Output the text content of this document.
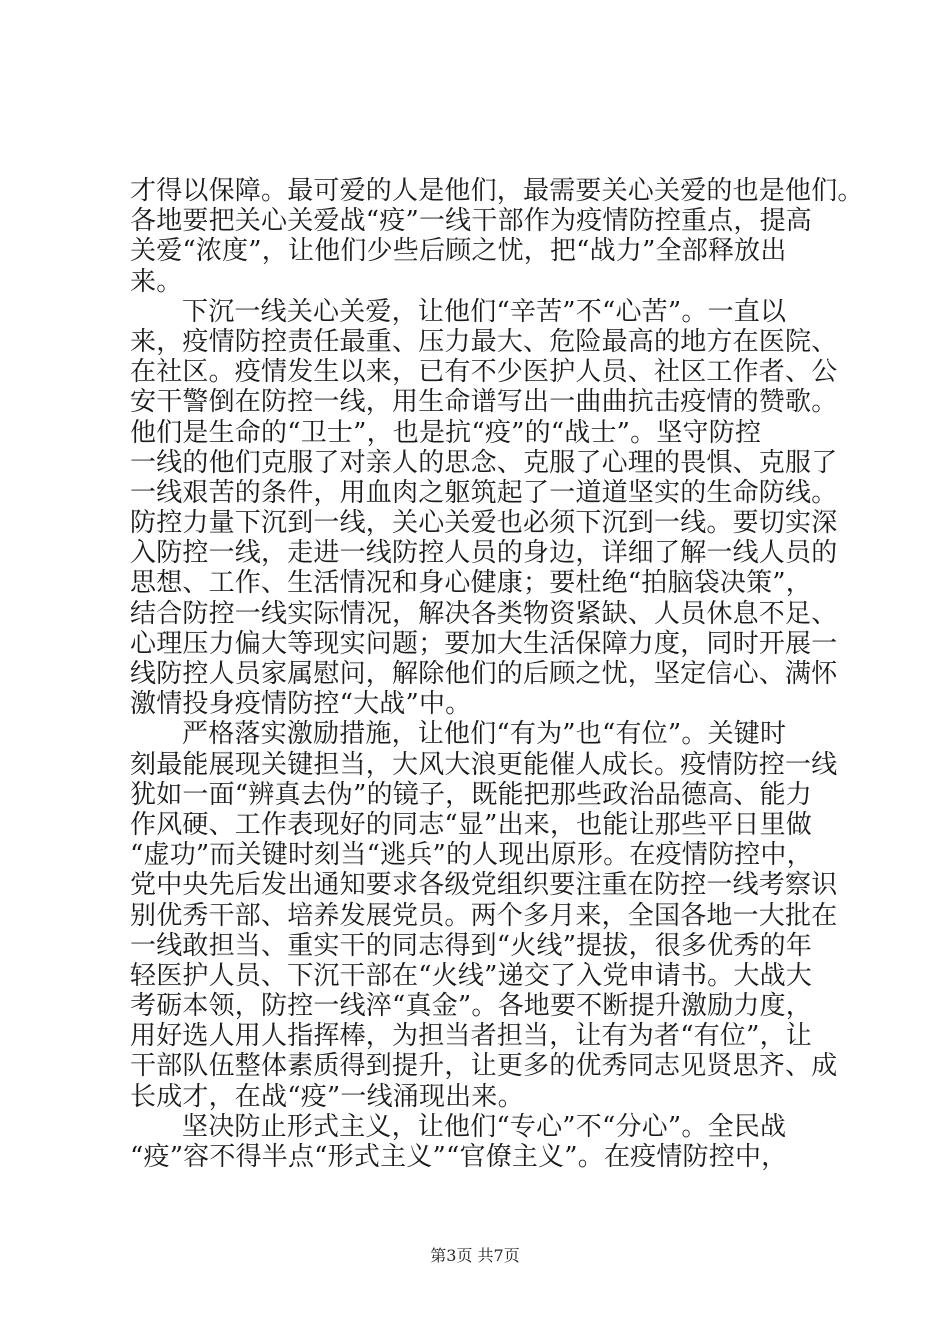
才得以保障。最可爱的人是他们，最需要关心关爱的也是他们。
各地要把关心关爱战“疫”一线干部作为疫情防控重点，提高
关爱“浓度”，让他们少些后顾之忧，把“战力”全部释放出
来。
下沉一线关心关爱，让他们“辛苦”不“心苦”。一直以
来，疫情防控责任最重、压力最大、危险最高的地方在医院、
在社区。疫情发生以来，已有不少医护人员、社区工作者、公
安干警倒在防控一线，用生命谱写出一曲曲抗击疫情的赞歌。
他们是生命的“卫士”，也是抗“疫”的“战士”。坚守防控
一线的他们克服了对亲人的思念、克服了心理的畏惧、克服了
一线艰苦的条件，用血肉之躯筑起了一道道坚实的生命防线。
防控力量下沉到一线，关心关爱也必须下沉到一线。要切实深
入防控一线，走进一线防控人员的身边，详细了解一线人员的
思想、工作、生活情况和身心健康；要杜绝“拍脑袋决策”，
结合防控一线实际情况，解决各类物资紧缺、人员休息不足、
心理压力偏大等现实问题；要加大生活保障力度，同时开展一
线防控人员家属慰问，解除他们的后顾之忧，坚定信心、满怀
激情投身疫情防控“大战”中。
严格落实激励措施，让他们“有为”也“有位”。关键时
刻最能展现关键担当，大风大浪更能催人成长。疫情防控一线
犹如一面“辨真去伪”的镜子，既能把那些政治品德高、能力
作风硬、工作表现好的同志“显”出来，也能让那些平日里做
“虚功”而关键时刻当“逃兵”的人现出原形。在疫情防控中，
党中央先后发出通知要求各级党组织要注重在防控一线考察识
别优秀干部、培养发展党员。两个多月来，全国各地一大批在
一线敢担当、重实干的同志得到“火线”提拔，很多优秀的年
轻医护人员、下沉干部在“火线”递交了入党申请书。大战大
考砺本领，防控一线淬“真金”。各地要不断提升激励力度，
用好选人用人指挥棒，为担当者担当，让有为者“有位”，让
干部队伍整体素质得到提升，让更多的优秀同志见贤思齐、成
长成才，在战“疫”一线涌现出来。
坚决防止形式主义，让他们“专心”不“分心”。全民战
“疫”容不得半点“形式主义”“官僚主义”。在疫情防控中，
第3页 共7页
